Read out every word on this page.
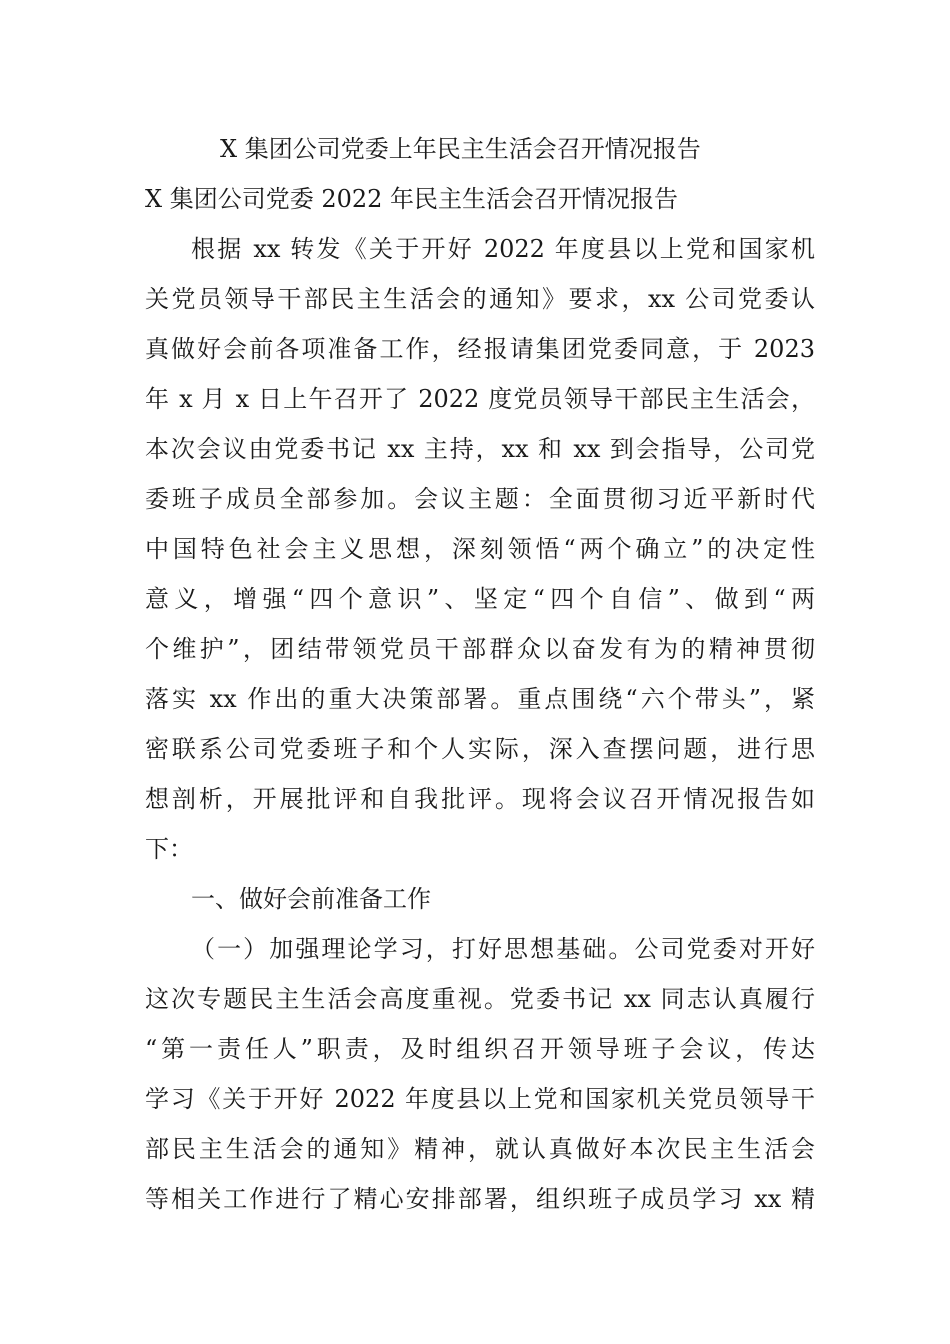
X 集团公司党委上年民主生活会召开情况报告
X 集团公司党委 2022 年民主生活会召开情况报告
根据 xx 转发《关于开好 2022 年度县以上党和国家机
关党员领导干部民主生活会的通知》要求，xx 公司党委认
真做好会前各项准备工作，经报请集团党委同意，于 2023
年 x 月 x 日上午召开了 2022 度党员领导干部民主生活会，
本次会议由党委书记 xx 主持，xx 和 xx 到会指导，公司党
委班子成员全部参加。会议主题：全面贯彻习近平新时代
中国特色社会主义思想，深刻领悟“两个确立”的决定性
意义，增强“四个意识”、坚定“四个自信”、做到“两
个维护”，团结带领党员干部群众以奋发有为的精神贯彻
落实 xx 作出的重大决策部署。重点围绕“六个带头”，紧
密联系公司党委班子和个人实际，深入查摆问题，进行思
想剖析，开展批评和自我批评。现将会议召开情况报告如
下：
一、做好会前准备工作
（一）加强理论学习，打好思想基础。公司党委对开好
这次专题民主生活会高度重视。党委书记 xx 同志认真履行
“第一责任人”职责，及时组织召开领导班子会议，传达
学习《关于开好 2022 年度县以上党和国家机关党员领导干
部民主生活会的通知》精神，就认真做好本次民主生活会
等相关工作进行了精心安排部署，组织班子成员学习 xx 精
